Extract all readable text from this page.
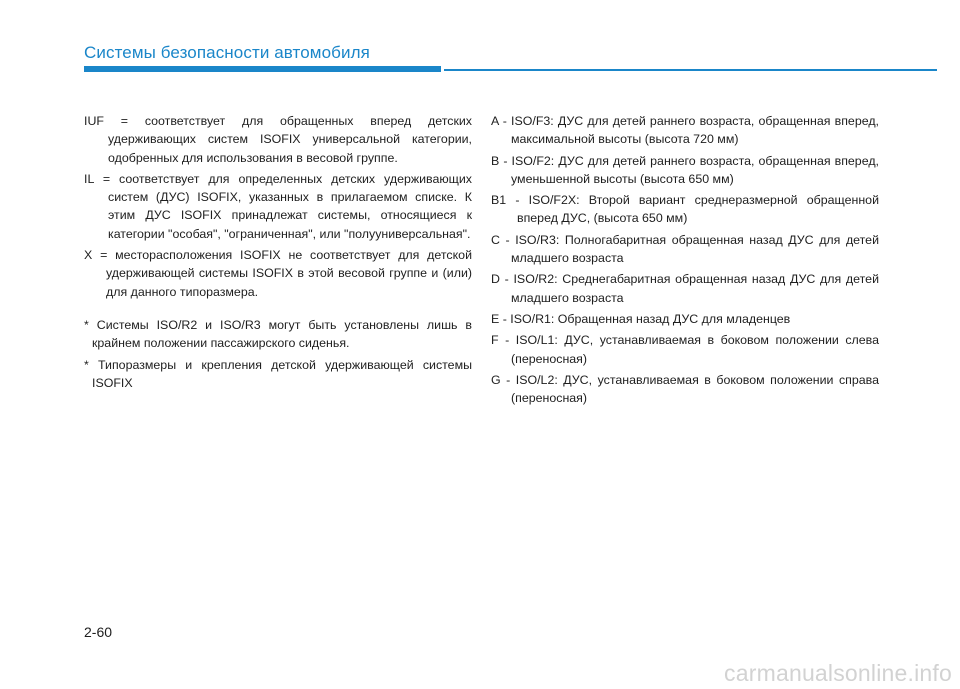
Системы безопасности автомобиля

IUF = соответствует для обращенных вперед детских удерживающих систем ISOFIX универсальной категории, одобренных для использования в весовой группе.

IL = соответствует для определенных детских удерживающих систем (ДУС) ISOFIX, указанных в прилагаемом списке. К этим ДУС ISOFIX принадлежат системы, относящиеся к категории "особая", "ограниченная", или "полууниверсальная".

X = месторасположения ISOFIX не соответствует для детской удерживающей системы ISOFIX в этой весовой группе и (или) для данного типоразмера.

* Системы ISO/R2 и ISO/R3 могут быть установлены лишь в крайнем положении пассажирского сиденья.

* Типоразмеры и крепления детской удерживающей системы ISOFIX

A - ISO/F3: ДУС для детей раннего возраста, обращенная вперед, максимальной высоты (высота 720 мм)

B - ISO/F2: ДУС для детей раннего возраста, обращенная вперед, уменьшенной высоты (высота 650 мм)

B1 - ISO/F2X: Второй вариант среднеразмерной обращенной вперед ДУС, (высота 650 мм)

C - ISO/R3: Полногабаритная обращенная назад ДУС для детей младшего возраста

D - ISO/R2: Среднегабаритная обращенная назад ДУС для детей младшего возраста

E - ISO/R1: Обращенная назад ДУС для младенцев

F - ISO/L1: ДУС, устанавливаемая в боковом положении слева (переносная)

G - ISO/L2: ДУС, устанавливаемая в боковом положении справа (переносная)

2-60
carmanualsonline.info
